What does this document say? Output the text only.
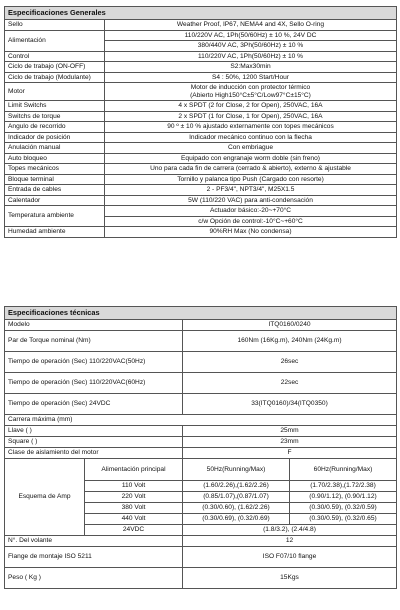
Especificaciones Generales	
Sello	Weather Proof, IP67, NEMA4 and 4X, Sello O-ring
Alimentación	110/220V AC, 1Ph(50/60Hz) ± 10 %, 24V DC
	380/440V AC, 3Ph(50/60Hz) ± 10 %
Control	110/220V AC, 1Ph(50/60Hz) ± 10 %
Ciclo de trabajo (ON-OFF)	S2:Max30min
Ciclo de trabajo (Modulante)	S4 : 50%, 1200 Start/Hour
Motor	Motor de inducción con protector térmico
(Abierto High150°C±5°C/Low97°C±15°C)

Limit Switchs	4 x SPDT (2 for Close, 2 for Open), 250VAC, 16A
Switchs de torque	2 x SPDT (1 for Close, 1 for Open), 250VAC, 16A
Angulo de recorrido	90 º ± 10 % ajustado externamente con topes mecánicos
Indicador de posición	Indicador mecánico continuo con la flecha
Anulación manual	Con embriague
Auto bloqueo	Equipado con engranaje worm doble (sin freno)
Topes mecánicos	Uno para cada fin de carrera (cerrado & abierto), externo & ajustable
Bloque terminal	Tornillo y palanca tipo Push (Cargado con resorte)
Entrada de cables	2 - PF3/4", NPT3/4", M25X1.5
Calentador	5W (110/220 VAC) para anti-condensación
Temperatura ambiente	Actuador básico:-20~+70°C
	c/w Opción de control:-10°C~+60°C
Humedad ambiente	90%RH Max (No condensa)
Especificaciones técnicas			
Modelo		ITQ0160/0240	
Par de Torque nominal (Nm)		160Nm (16Kg.m), 240Nm (24Kg.m)	
Tiempo de operación (Sec) 110/220VAC(50Hz)		26sec	
Tiempo de operación (Sec) 110/220VAC(60Hz)		22sec	
Tiempo de operación (Sec) 24VDC		33(ITQ0160)/34(ITQ0350)	
Carrera máxima (mm)			
Llave ( )		25mm	
Square ( )		23mm	
Clase de aislamiento del motor		F	
Esquema de Amp	Alimentación principal	50Hz(Running/Max)	60Hz(Running/Max)
	110 Volt	(1.60/2.26),(1.62/2.26)	(1.70/2.38),(1.72/2.38)
	220 Volt	(0.85/1.07),(0.87/1.07)	(0.90/1.12), (0.90/1.12)
	380 Volt	(0.30/0.60), (1.62/2.26)	(0.30/0.59), (0.32/0.59)
	440 Volt	(0.30/0.69), (0.32/0.69)	(0.30/0.59), (0.32/0.65)
	24VDC	(1.8/3.2), (2.4/4.8)	
N°. Del volante		12	
Flange de montaje ISO 5211		ISO F07/10 flange	
Peso ( Kg )		15Kgs	
